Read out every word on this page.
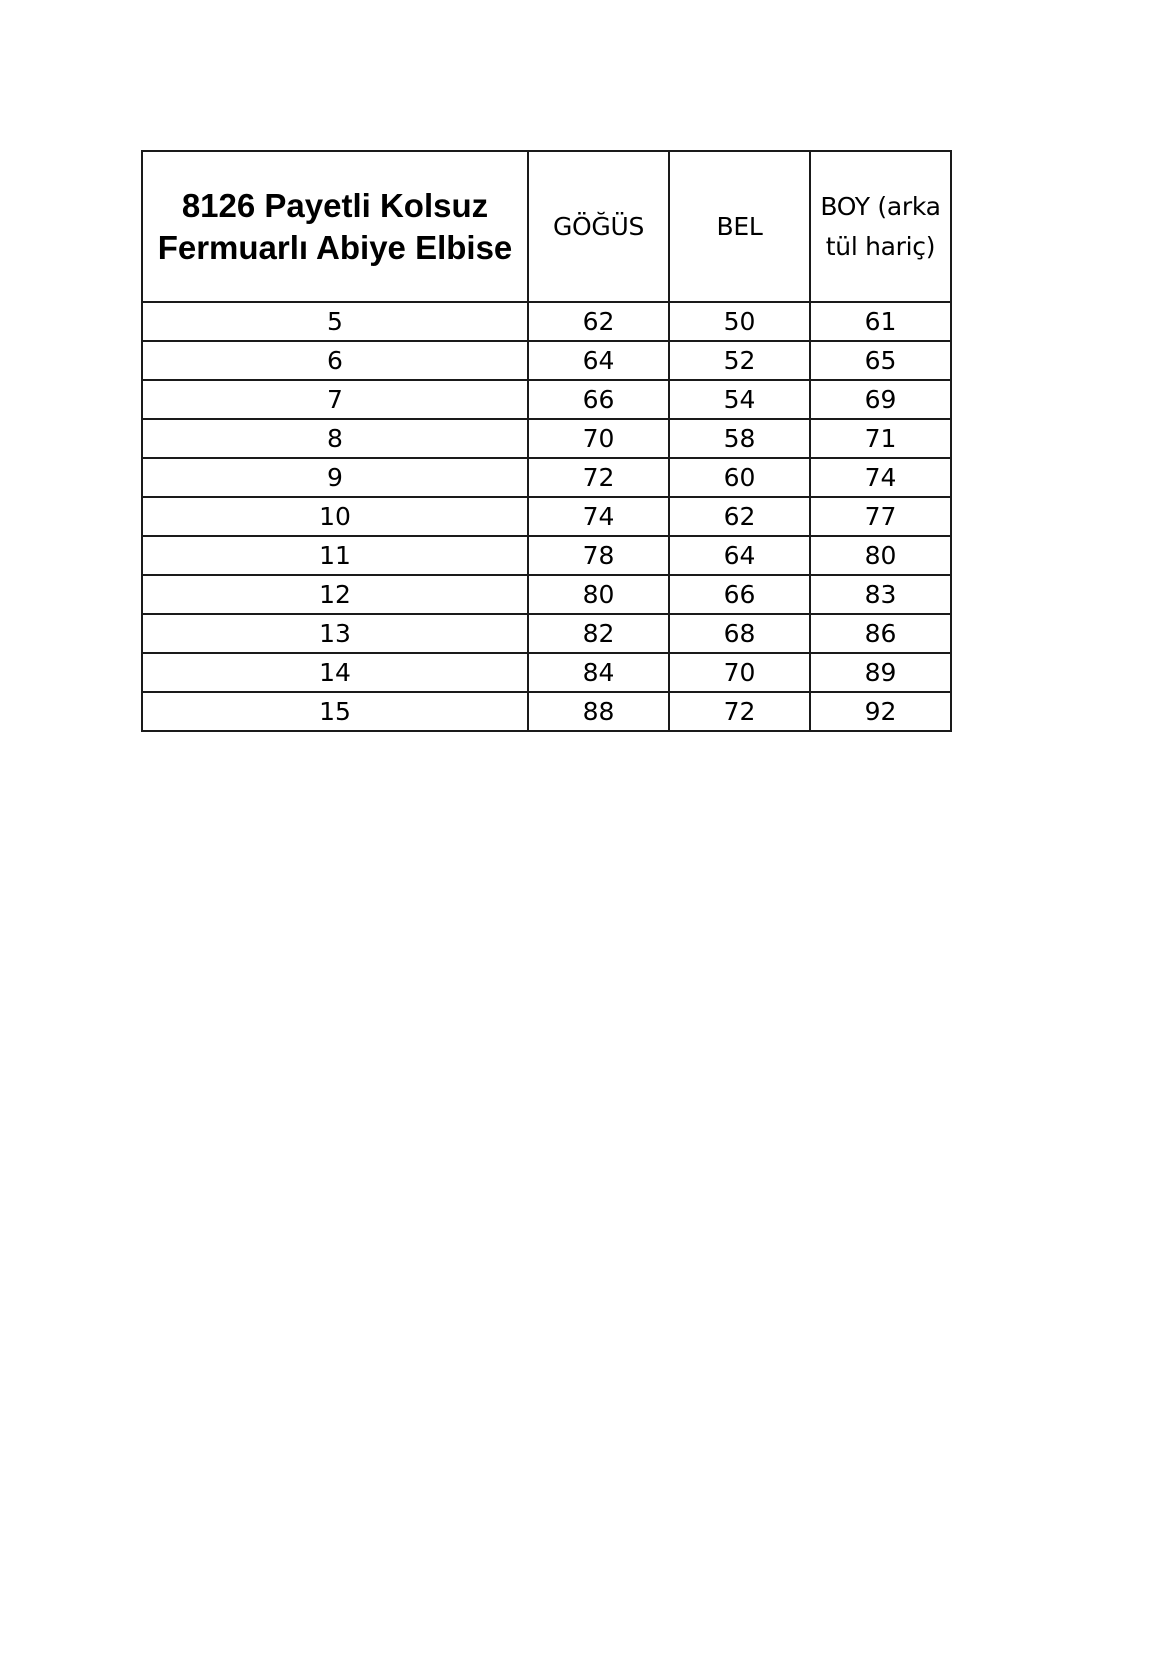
8126 Payetli Kolsuz
Fermuarlı Abiye Elbise	GÖĞÜS	BEL	BOY (arka
tül hariç)

5	62	50	61
6	64	52	65
7	66	54	69
8	70	58	71
9	72	60	74
10	74	62	77
11	78	64	80
12	80	66	83
13	82	68	86
14	84	70	89
15	88	72	92
